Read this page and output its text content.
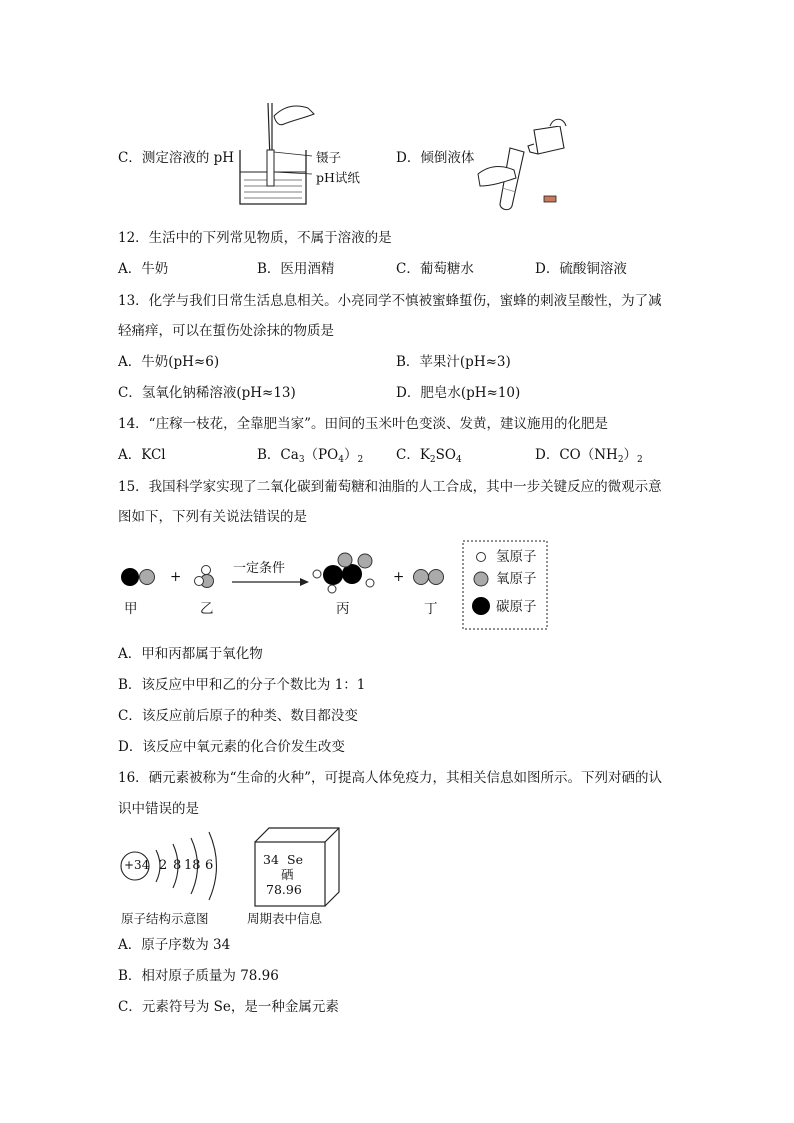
C．测定溶液的 pH	镊子
pH试纸
D．倾倒液体
12．生活中的下列常见物质，不属于溶液的是
A．牛奶	B．医用酒精	C．葡萄糖水	D．硫酸铜溶液
13．化学与我们日常生活息息相关。小亮同学不慎被蜜蜂蜇伤，蜜蜂的刺液呈酸性，为了减
轻痛痒，可以在蜇伤处涂抹的物质是
A．牛奶(pH≈6)	B．苹果汁(pH≈3)
C．氢氧化钠稀溶液(pH≈13)	D．肥皂水(pH≈10)
14．“庄稼一枝花，全靠肥当家”。田间的玉米叶色变淡、发黄，建议施用的化肥是
A．KCl	B．$Ca_3(PO_4)_2$ C．$K_2SO_4$	D．$CO(NH_2)_2$
15．我国科学家实现了二氧化碳到葡萄糖和油脂的人工合成，其中一步关键反应的微观示意
图如下，下列有关说法错误的是
+	+
一定条件
甲	乙	丙	丁
氢原子
氧原子
碳原子
A．甲和丙都属于氧化物
B．该反应中甲和乙的分子个数比为 1：1
C．该反应前后原子的种类、数目都没变
D．该反应中氧元素的化合价发生改变
16．硒元素被称为“生命的火种”，可提高人体免疫力，其相关信息如图所示。下列对硒的认
识中错误的是
+34 2 8 18 6	34 Se
硒
78.96
原子结构示意图	周期表中信息
A．原子序数为 34
B．相对原子质量为 78.96
C．元素符号为 Se，是一种金属元素
